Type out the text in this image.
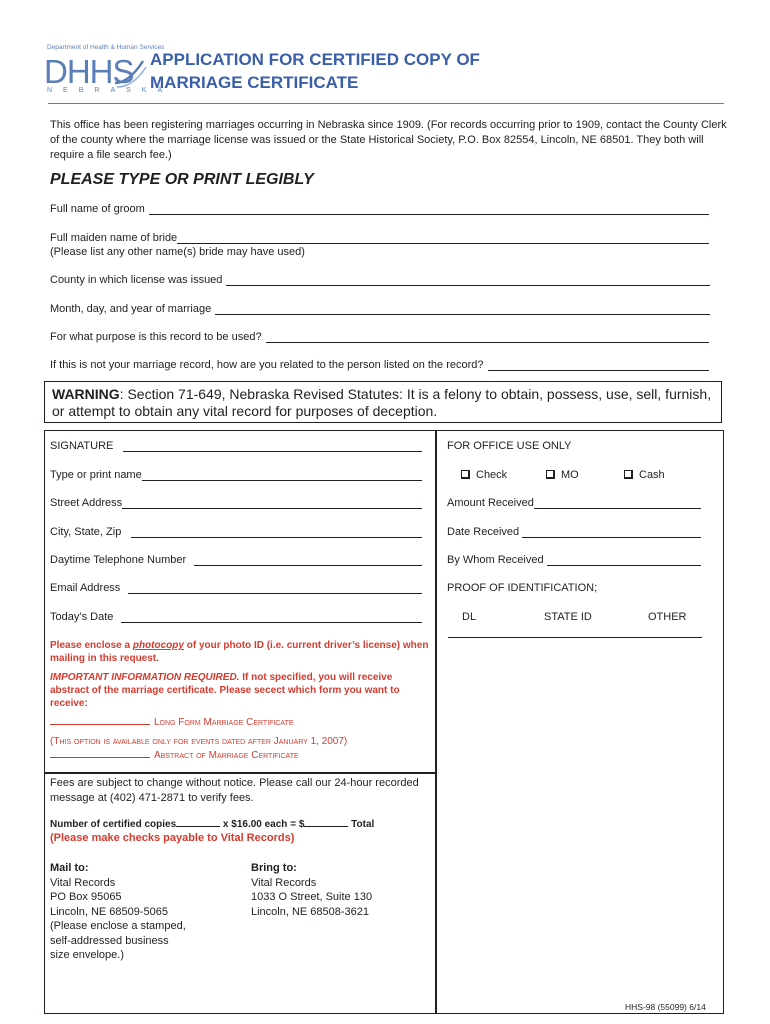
Department of Health & Human Services
DHHS
NEBRASKA
APPLICATION FOR CERTIFIED COPY OF
MARRIAGE CERTIFICATE
This office has been registering marriages occurring in Nebraska since 1909. (For records occurring prior to 1909, contact the County Clerk of the county where the marriage license was issued or the State Historical Society, P.O. Box 82554, Lincoln, NE 68501. They both will require a file search fee.)
PLEASE TYPE OR PRINT LEGIBLY
Full name of groom
Full maiden name of bride
(Please list any other name(s) bride may have used)
County in which license was issued
Month, day, and year of marriage
For what purpose is this record to be used?
If this is not your marriage record, how are you related to the person listed on the record?
WARNING: Section 71-649, Nebraska Revised Statutes: It is a felony to obtain, possess, use, sell, furnish, or attempt to obtain any vital record for purposes of deception.
SIGNATURE
Type or print name
Street Address
City, State, Zip
Daytime Telephone Number
Email Address
Today’s Date
Please enclose a photocopy of your photo ID (i.e. current driver’s license) when mailing in this request.
IMPORTANT INFORMATION REQUIRED. If not specified, you will receive abstract of the marriage certificate. Please secect which form you want to receive:
Long Form Marriage Certificate
(This option is available only for events dated after January 1, 2007)
Abstract of Marriage Certificate
Fees are subject to change without notice. Please call our 24-hour recorded message at (402) 471-2871 to verify fees.
Number of certified copies	x $16.00 each = $	Total
(Please make checks payable to Vital Records)
Mail to:
Vital Records
PO Box 95065
Lincoln, NE 68509-5065
(Please enclose a stamped,
self-addressed business
size envelope.)
Bring to:
Vital Records
1033 O Street, Suite 130
Lincoln, NE 68508-3621
FOR OFFICE USE ONLY
Check	MO	Cash
Amount Received
Date Received
By Whom Received
PROOF OF IDENTIFICATION;
DL	STATE ID	OTHER
HHS-98 (55099) 6/14
